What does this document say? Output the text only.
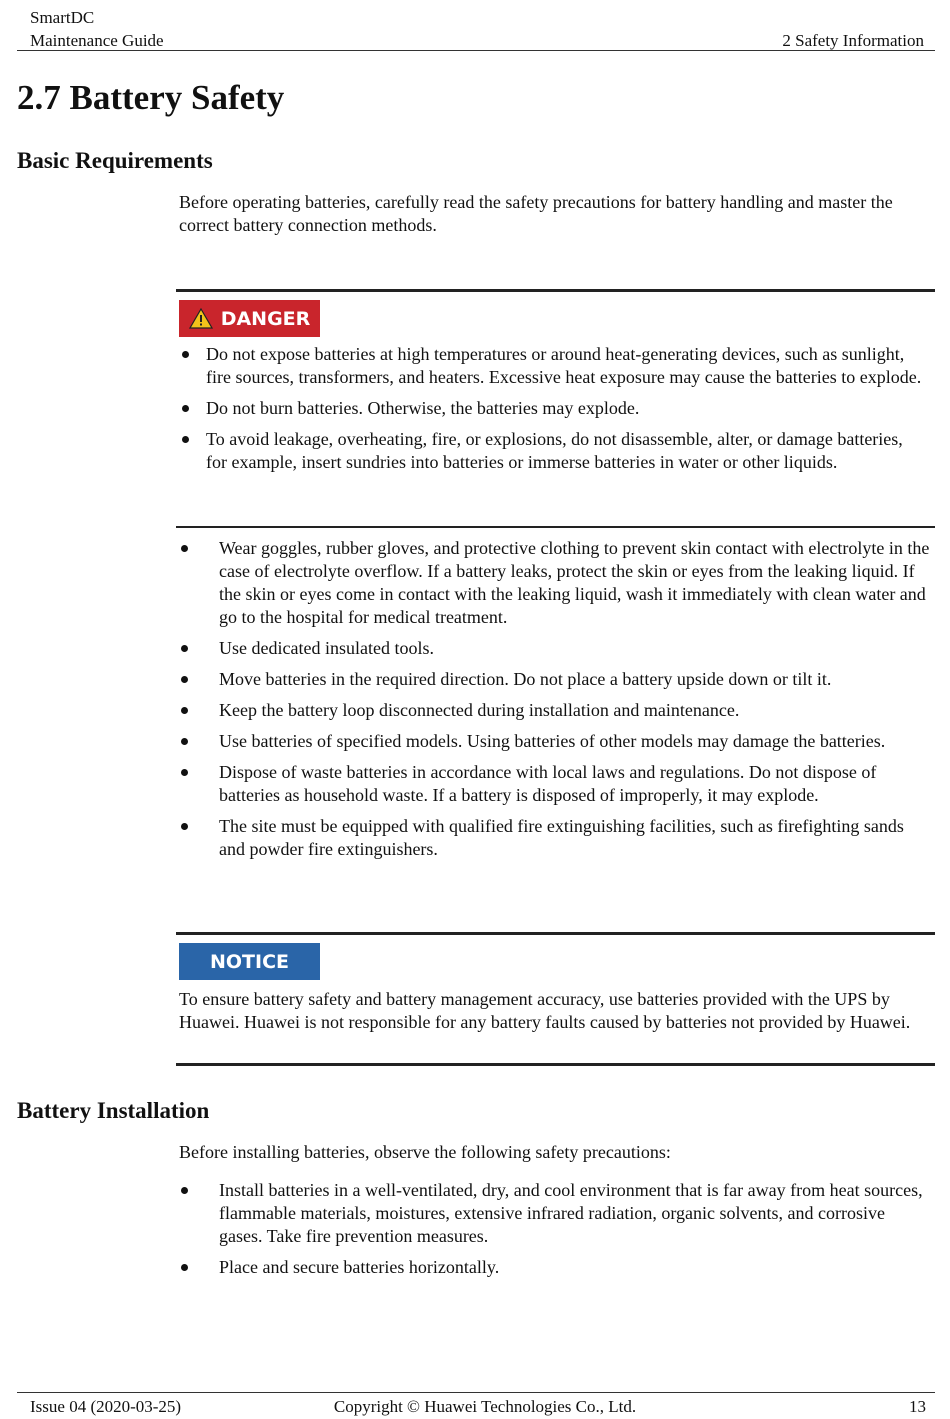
SmartDC
Maintenance Guide	2 Safety Information
2.7 Battery Safety
Basic Requirements
Before operating batteries, carefully read the safety precautions for battery handling and master the correct battery connection methods.
DANGER
Do not expose batteries at high temperatures or around heat-generating devices, such as sunlight, fire sources, transformers, and heaters. Excessive heat exposure may cause the batteries to explode.
Do not burn batteries. Otherwise, the batteries may explode.
To avoid leakage, overheating, fire, or explosions, do not disassemble, alter, or damage batteries, for example, insert sundries into batteries or immerse batteries in water or other liquids.
Wear goggles, rubber gloves, and protective clothing to prevent skin contact with electrolyte in the case of electrolyte overflow. If a battery leaks, protect the skin or eyes from the leaking liquid. If the skin or eyes come in contact with the leaking liquid, wash it immediately with clean water and go to the hospital for medical treatment.
Use dedicated insulated tools.
Move batteries in the required direction. Do not place a battery upside down or tilt it.
Keep the battery loop disconnected during installation and maintenance.
Use batteries of specified models. Using batteries of other models may damage the batteries.
Dispose of waste batteries in accordance with local laws and regulations. Do not dispose of batteries as household waste. If a battery is disposed of improperly, it may explode.
The site must be equipped with qualified fire extinguishing facilities, such as firefighting sands and powder fire extinguishers.
NOTICE
To ensure battery safety and battery management accuracy, use batteries provided with the UPS by Huawei. Huawei is not responsible for any battery faults caused by batteries not provided by Huawei.
Battery Installation
Before installing batteries, observe the following safety precautions:
Install batteries in a well-ventilated, dry, and cool environment that is far away from heat sources, flammable materials, moistures, extensive infrared radiation, organic solvents, and corrosive gases. Take fire prevention measures.
Place and secure batteries horizontally.
Issue 04 (2020-03-25)	Copyright © Huawei Technologies Co., Ltd.	13
